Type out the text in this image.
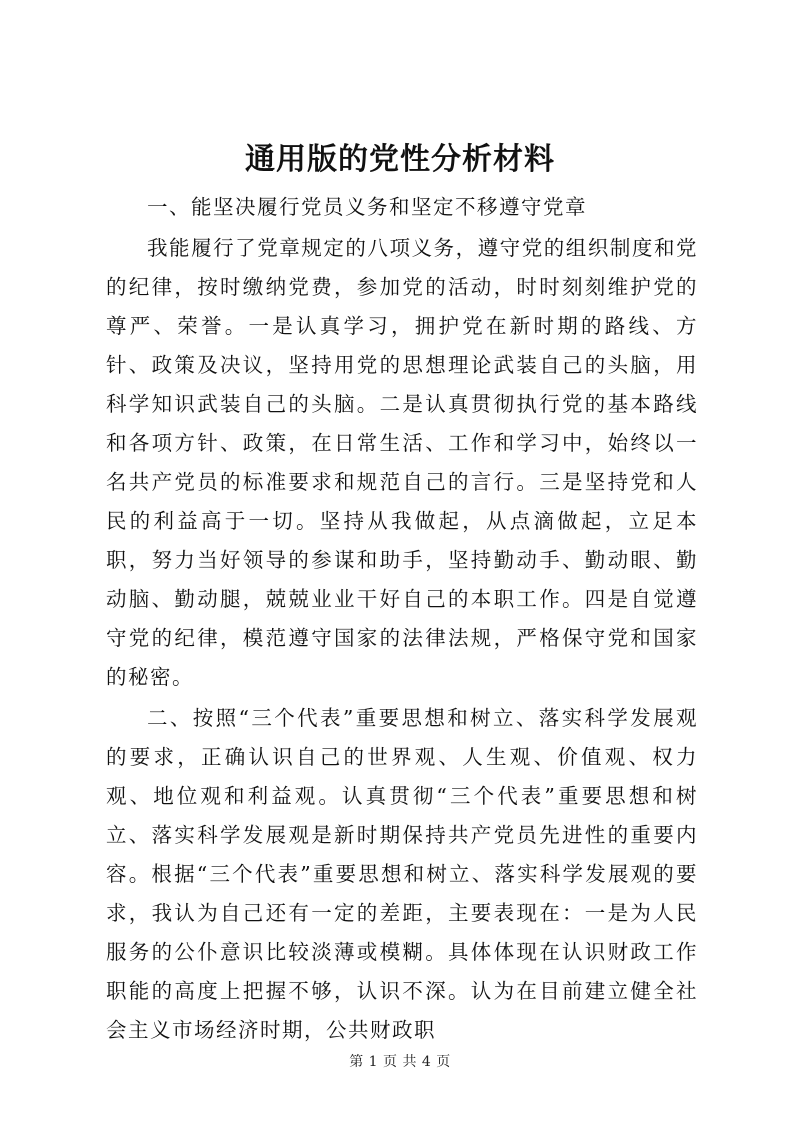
通用版的党性分析材料

一、能坚决履行党员义务和坚定不移遵守党章

我能履行了党章规定的八项义务，遵守党的组织制度和党的纪律，按时缴纳党费，参加党的活动，时时刻刻维护党的尊严、荣誉。一是认真学习，拥护党在新时期的路线、方针、政策及决议，坚持用党的思想理论武装自己的头脑，用科学知识武装自己的头脑。二是认真贯彻执行党的基本路线和各项方针、政策，在日常生活、工作和学习中，始终以一名共产党员的标准要求和规范自己的言行。三是坚持党和人民的利益高于一切。坚持从我做起，从点滴做起，立足本职，努力当好领导的参谋和助手，坚持勤动手、勤动眼、勤动脑、勤动腿，兢兢业业干好自己的本职工作。四是自觉遵守党的纪律，模范遵守国家的法律法规，严格保守党和国家的秘密。

二、按照“三个代表”重要思想和树立、落实科学发展观的要求，正确认识自己的世界观、人生观、价值观、权力观、地位观和利益观。认真贯彻“三个代表”重要思想和树立、落实科学发展观是新时期保持共产党员先进性的重要内容。根据“三个代表”重要思想和树立、落实科学发展观的要求，我认为自己还有一定的差距，主要表现在：一是为人民服务的公仆意识比较淡薄或模糊。具体体现在认识财政工作职能的高度上把握不够，认识不深。认为在目前建立健全社会主义市场经济时期，公共财政职

第 1 页 共 4 页
